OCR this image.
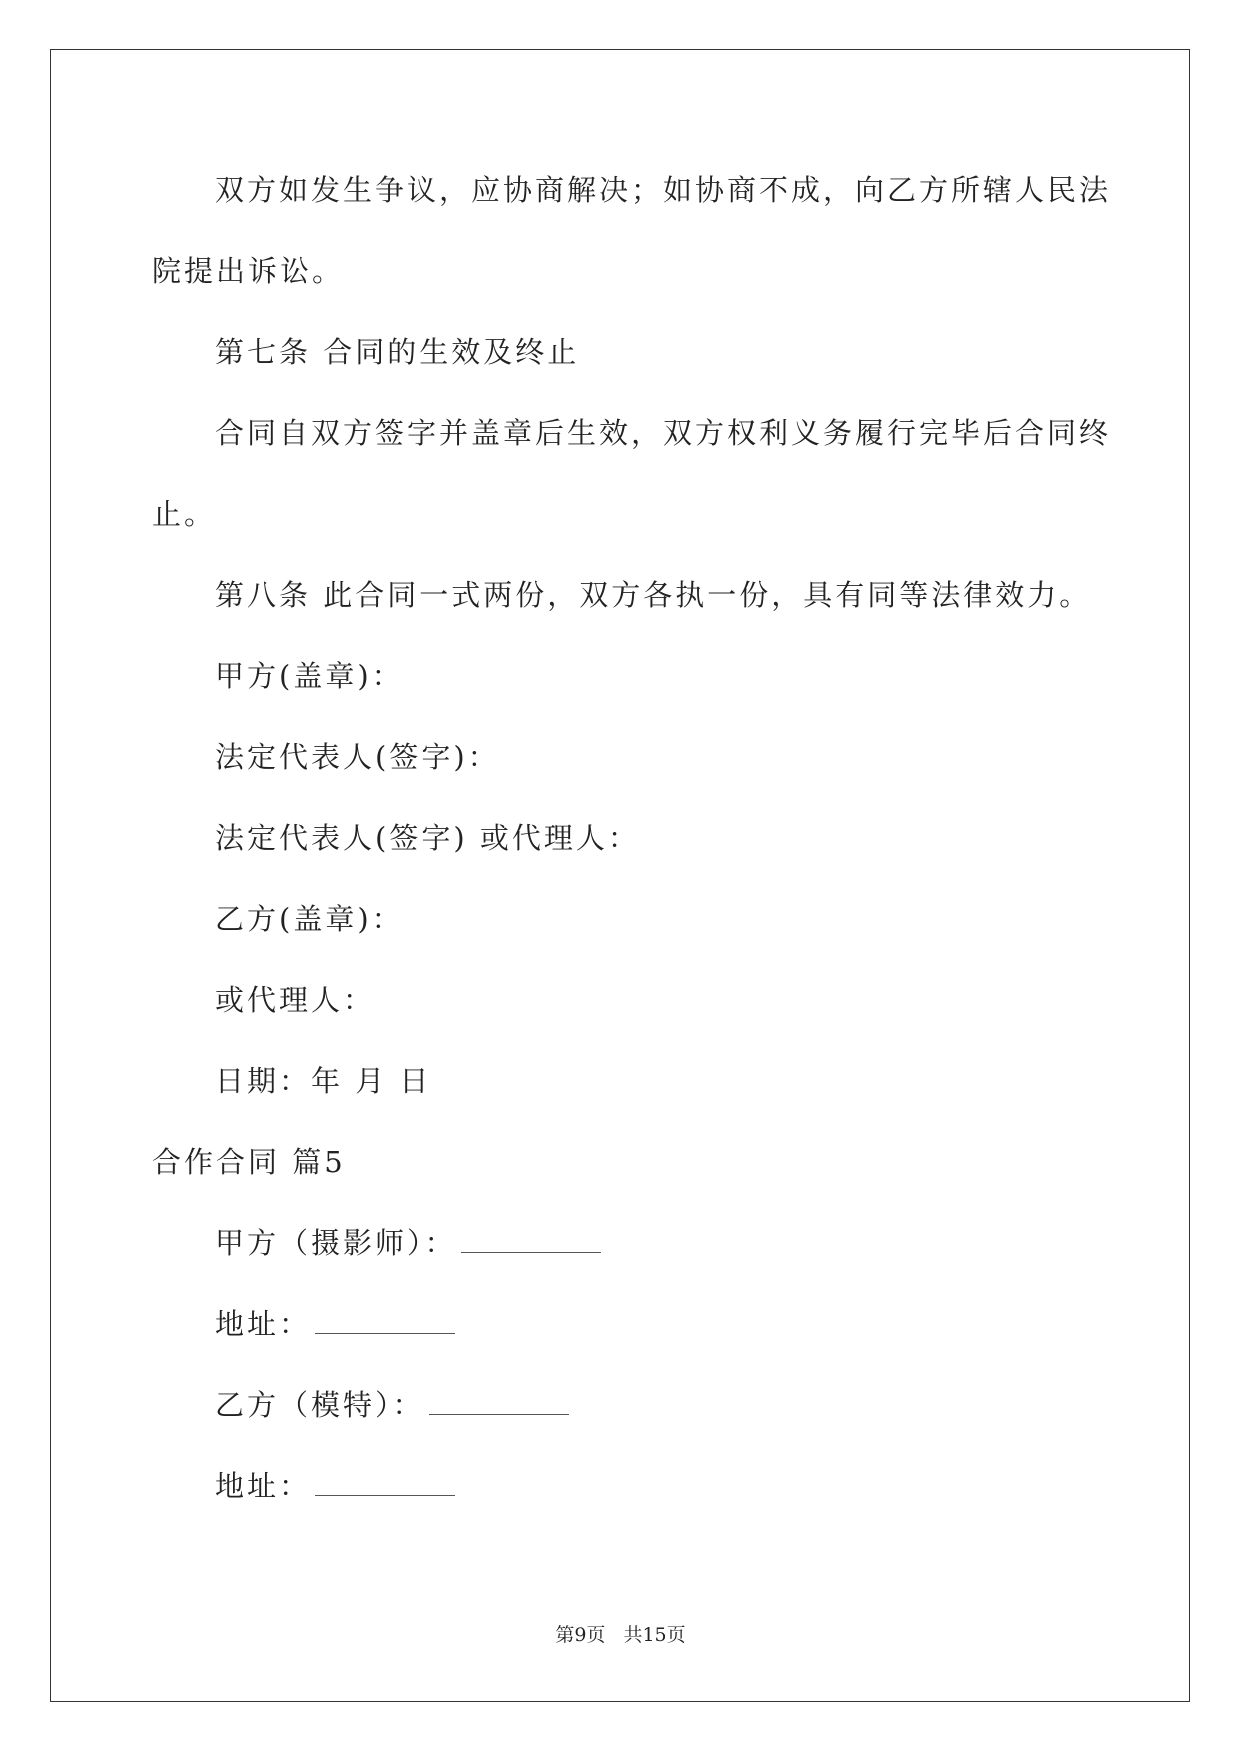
双方如发生争议，应协商解决；如协商不成，向乙方所辖人民法
院提出诉讼。
第七条 合同的生效及终止
合同自双方签字并盖章后生效，双方权利义务履行完毕后合同终
止。
第八条 此合同一式两份，双方各执一份，具有同等法律效力。
甲方(盖章)：
法定代表人(签字)：
法定代表人(签字) 或代理人：
乙方(盖章)：
或代理人：
日期：年 月 日
合作合同 篇5
甲方（摄影师）：
地址：
乙方（模特）：
地址：
第9页 共15页
